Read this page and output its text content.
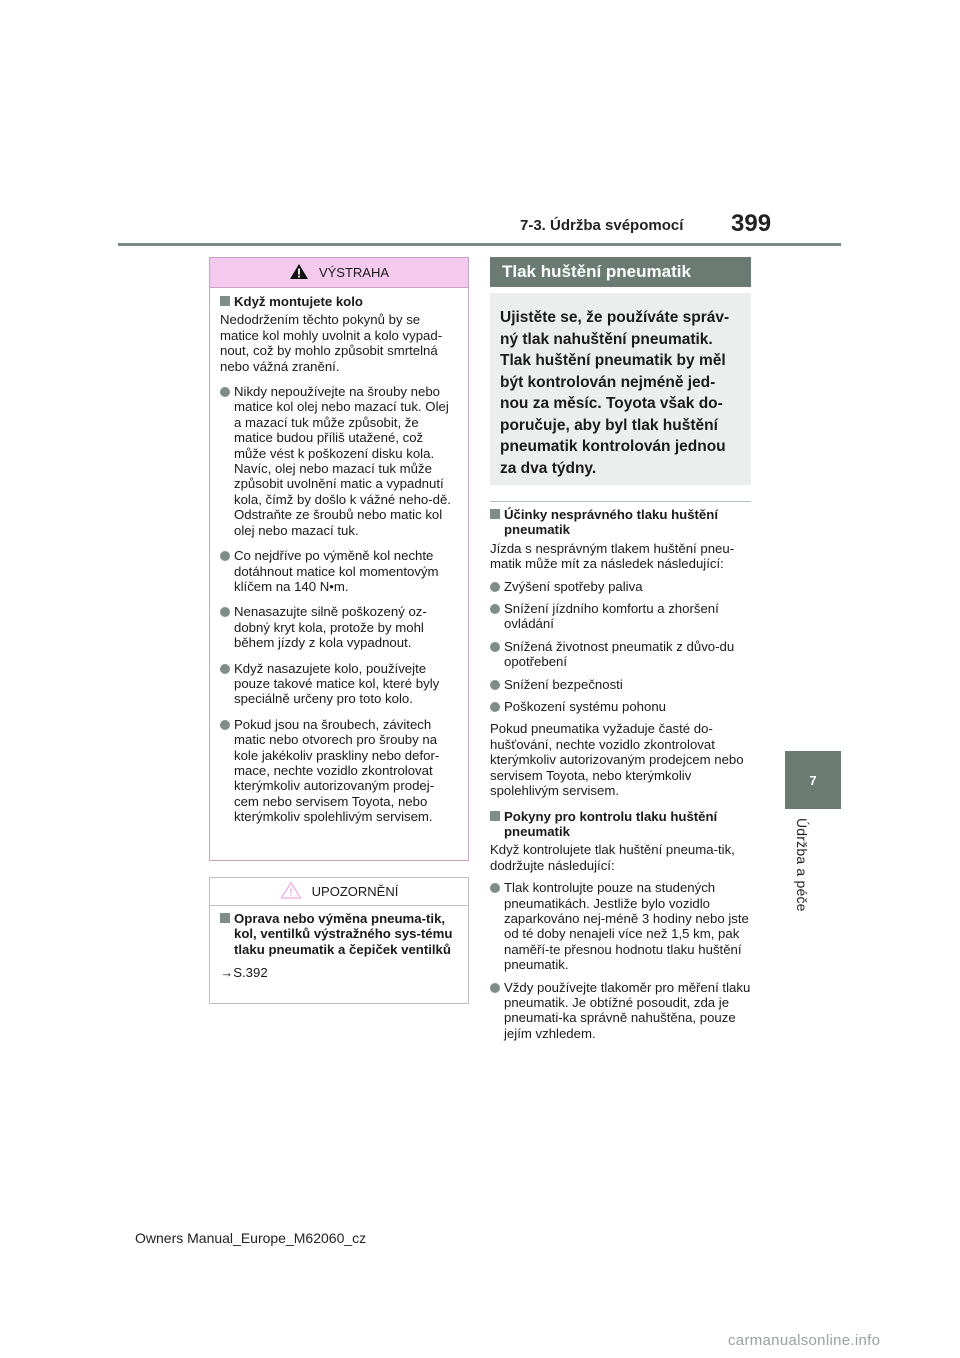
7-3. Údržba svépomocí 399
7
Údržba a péče
VÝSTRAHA
Když montujete kolo
Nedodržením těchto pokynů by se matice kol mohly uvolnit a kolo vypad-nout, což by mohlo způsobit smrtelná nebo vážná zranění.
Nikdy nepoužívejte na šrouby nebo matice kol olej nebo mazací tuk. Olej a mazací tuk může způsobit, že matice budou příliš utažené, což může vést k poškození disku kola. Navíc, olej nebo mazací tuk může způsobit uvolnění matic a vypadnutí kola, čímž by došlo k vážné neho-dě. Odstraňte ze šroubů nebo matic kol olej nebo mazací tuk.
Co nejdříve po výměně kol nechte dotáhnout matice kol momentovým klíčem na 140 N•m.
Nenasazujte silně poškozený oz-dobný kryt kola, protože by mohl během jízdy z kola vypadnout.
Když nasazujete kolo, používejte pouze takové matice kol, které byly speciálně určeny pro toto kolo.
Pokud jsou na šroubech, závitech matic nebo otvorech pro šrouby na kole jakékoliv praskliny nebo defor-mace, nechte vozidlo zkontrolovat kterýmkoliv autorizovaným prodej-cem nebo servisem Toyota, nebo kterýmkoliv spolehlivým servisem.
UPOZORNĚNÍ
Oprava nebo výměna pneuma-tik, kol, ventilků výstražného sys-tému tlaku pneumatik a čepiček ventilků
→S.392
Tlak huštění pneumatik
Ujistěte se, že používáte správ-ný tlak nahuštění pneumatik. Tlak huštění pneumatik by měl být kontrolován nejméně jed-nou za měsíc. Toyota však do-poručuje, aby byl tlak huštění pneumatik kontrolován jednou za dva týdny.
Účinky nesprávného tlaku huštění pneumatik
Jízda s nesprávným tlakem huštění pneu-matik může mít za následek následující:
Zvýšení spotřeby paliva
Snížení jízdního komfortu a zhoršení ovládání
Snížená životnost pneumatik z důvo-du opotřebení
Snížení bezpečnosti
Poškození systému pohonu
Pokud pneumatika vyžaduje časté do-hušťování, nechte vozidlo zkontrolovat kterýmkoliv autorizovaným prodejcem nebo servisem Toyota, nebo kterýmkoliv spolehlivým servisem.
Pokyny pro kontrolu tlaku huštění pneumatik
Když kontrolujete tlak huštění pneuma-tik, dodržujte následující:
Tlak kontrolujte pouze na studených pneumatikách. Jestliže bylo vozidlo zaparkováno nej-méně 3 hodiny nebo jste od té doby nenajeli více než 1,5 km, pak naměří-te přesnou hodnotu tlaku huštění pneumatik.
Vždy používejte tlakoměr pro měření tlaku pneumatik. Je obtížné posoudit, zda je pneumati-ka správně nahuštěna, pouze jejím vzhledem.
Owners Manual_Europe_M62060_cz
carmanualsonline.info
